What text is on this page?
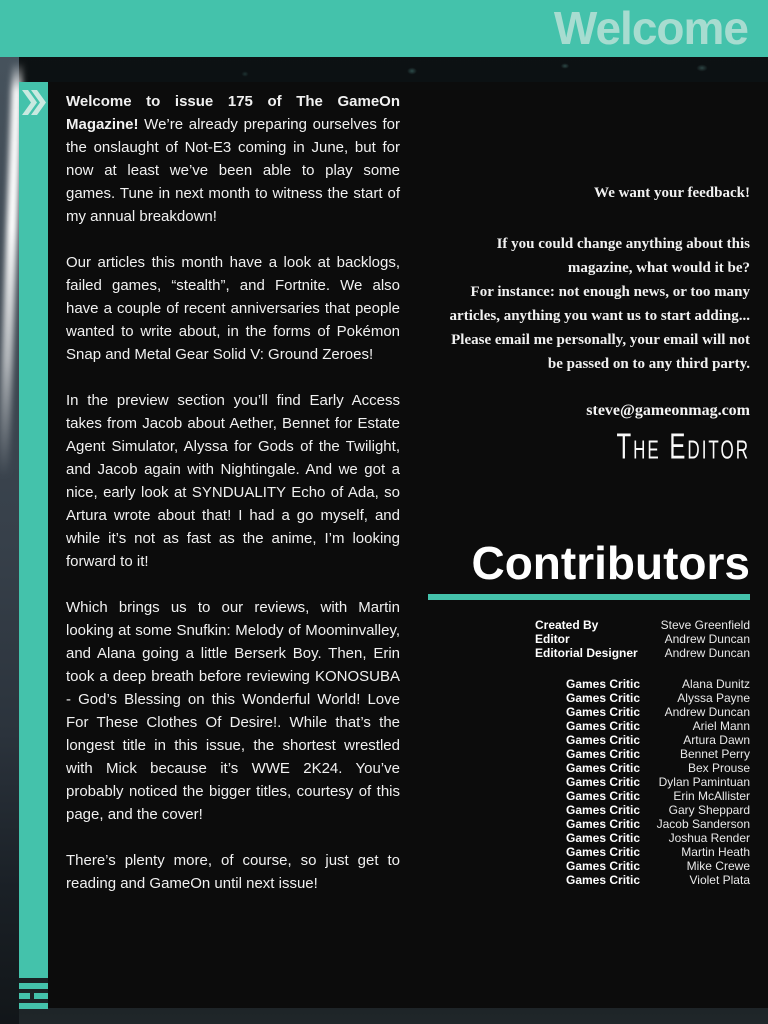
Welcome

Welcome to issue 175 of The GameOn Magazine! We’re already preparing ourselves for the onslaught of Not-E3 coming in June, but for now at least we’ve been able to play some games. Tune in next month to witness the start of my annual breakdown!

Our articles this month have a look at backlogs, failed games, “stealth”, and Fortnite. We also have a couple of recent anniversaries that people wanted to write about, in the forms of Pokémon Snap and Metal Gear Solid V: Ground Zeroes!

In the preview section you’ll find Early Access takes from Jacob about Aether, Bennet for Estate Agent Simulator, Alyssa for Gods of the Twilight, and Jacob again with Nightingale. And we got a nice, early look at SYNDUALITY Echo of Ada, so Artura wrote about that! I had a go myself, and while it’s not as fast as the anime, I’m looking forward to it!

Which brings us to our reviews, with Martin looking at some Snufkin: Melody of Moominvalley, and Alana going a little Berserk Boy. Then, Erin took a deep breath before reviewing KONOSUBA - God’s Blessing on this Wonderful World! Love For These Clothes Of Desire!. While that’s the longest title in this issue, the shortest wrestled with Mick because it’s WWE 2K24. You’ve probably noticed the bigger titles, courtesy of this page, and the cover!

There’s plenty more, of course, so just get to reading and GameOn until next issue!

We want your feedback!
If you could change anything about this
magazine, what would it be?
For instance: not enough news, or too many
articles, anything you want us to start adding...
Please email me personally, your email will not
be passed on to any third party.
steve@gameonmag.com
The Editor
Contributors
Created By	Steve Greenfield
Editor	Andrew Duncan
Editorial Designer	Andrew Duncan
Games Critic	Alana Dunitz
Games Critic	Alyssa Payne
Games Critic	Andrew Duncan
Games Critic	Ariel Mann
Games Critic	Artura Dawn
Games Critic	Bennet Perry
Games Critic	Bex Prouse
Games Critic	Dylan Pamintuan
Games Critic	Erin McAllister
Games Critic	Gary Sheppard
Games Critic	Jacob Sanderson
Games Critic	Joshua Render
Games Critic	Martin Heath
Games Critic	Mike Crewe
Games Critic	Violet Plata
